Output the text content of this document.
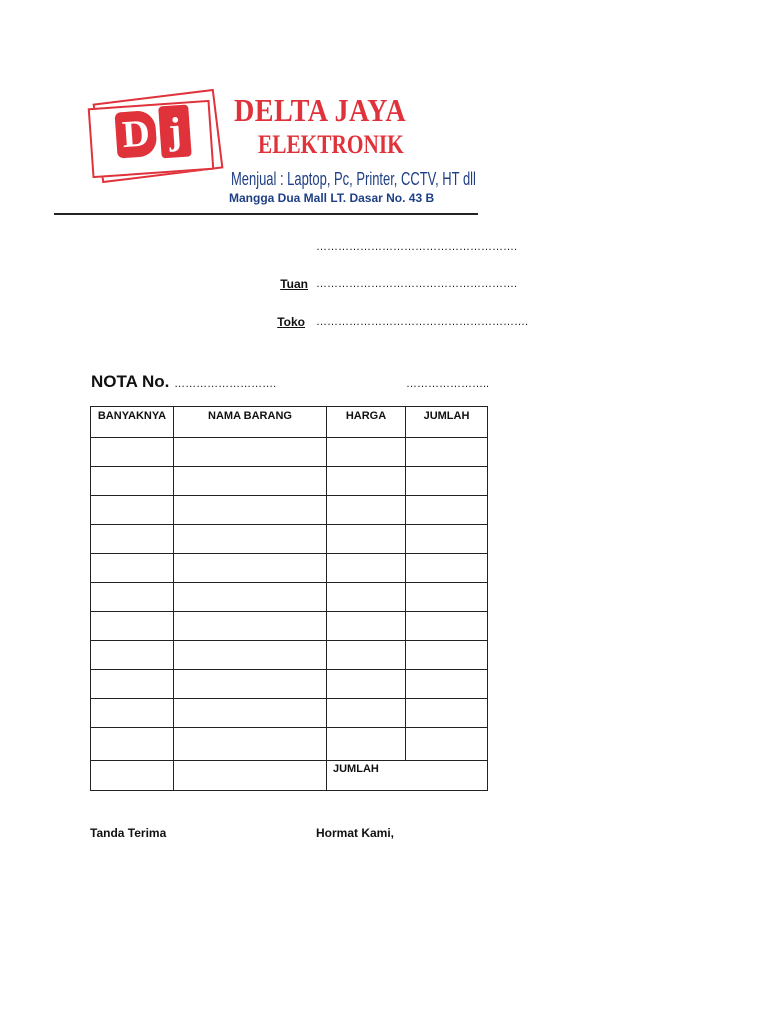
D j
DELTA JAYA
ELEKTRONIK
Menjual : Laptop, Pc, Printer, CCTV, HT dll
Mangga Dua Mall LT. Dasar No. 43 B
……………………………………………….
Tuan ……………………………………………….
Toko ………………………………………………….
NOTA No. ……………………….	…………………..
BANYAKNYA	NAMA BARANG	HARGA	JUMLAH

		JUMLAH	
Tanda Terima	Hormat Kami,
